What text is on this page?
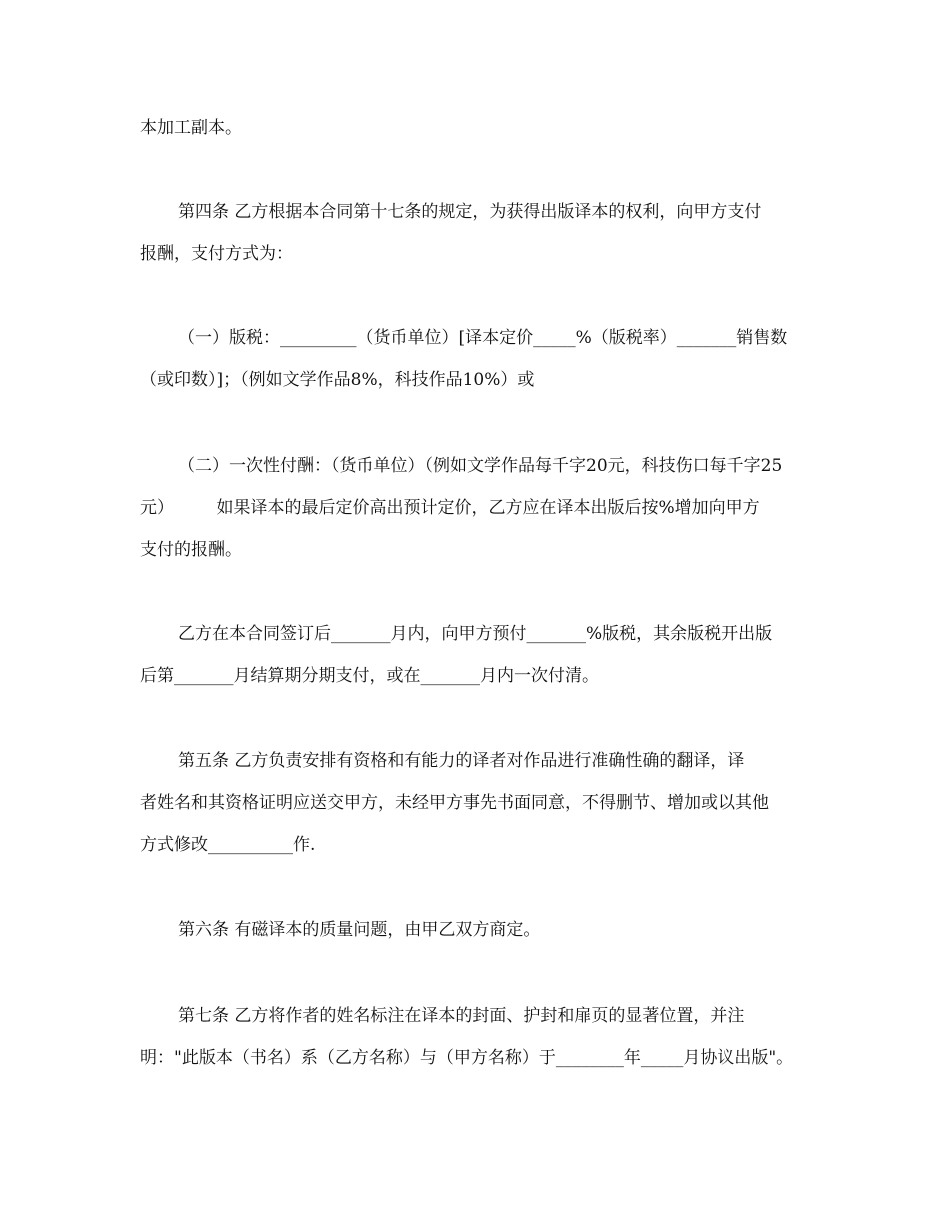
本加工副本。
第四条 乙方根据本合同第十七条的规定，为获得出版译本的权利，向甲方支付
报酬，支付方式为：
（一）版税：_________（货币单位）[译本定价_____%（版税率）_______销售数
（或印数）]；（例如文学作品8%，科技作品10%）或
（二）一次性付酬：（货币单位）（例如文学作品每千字20元，科技伤口每千字25
元）　　　如果译本的最后定价高出预计定价，乙方应在译本出版后按%增加向甲方
支付的报酬。
乙方在本合同签订后_______月内，向甲方预付_______%版税，其余版税开出版
后第_______月结算期分期支付，或在_______月内一次付清。
第五条 乙方负责安排有资格和有能力的译者对作品进行准确性确的翻译，译
者姓名和其资格证明应送交甲方，未经甲方事先书面同意，不得删节、增加或以其他
方式修改__________作.
第六条 有磁译本的质量问题，由甲乙双方商定。
第七条 乙方将作者的姓名标注在译本的封面、护封和扉页的显著位置，并注
明："此版本（书名）系（乙方名称）与（甲方名称）于________年_____月协议出版"。
